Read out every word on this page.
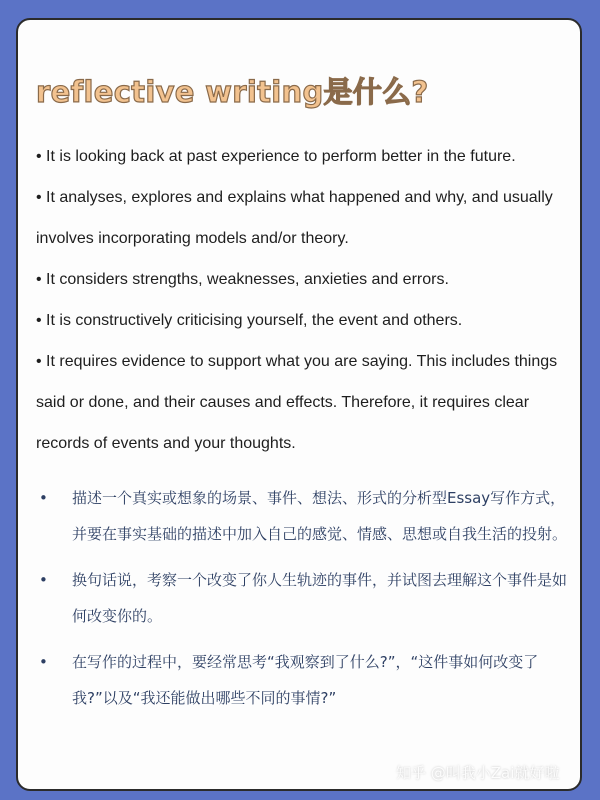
reflective writing是什么?

• It is looking back at past experience to perform better in the future.

• It analyses, explores and explains what happened and why, and usually involves incorporating models and/or theory.

• It considers strengths, weaknesses, anxieties and errors.

• It is constructively criticising yourself, the event and others.

• It requires evidence to support what you are saying. This includes things said or done, and their causes and effects. Therefore, it requires clear records of events and your thoughts.

• 描述一个真实或想象的场景、事件、想法、形式的分析型Essay写作方式，并要在事实基础的描述中加入自己的感觉、情感、思想或自我生活的投射。
• 换句话说，考察一个改变了你人生轨迹的事件，并试图去理解这个事件是如何改变你的。
• 在写作的过程中，要经常思考“我观察到了什么?”，“这件事如何改变了我?”以及“我还能做出哪些不同的事情?”
知乎 @叫我小Zai就好啦
